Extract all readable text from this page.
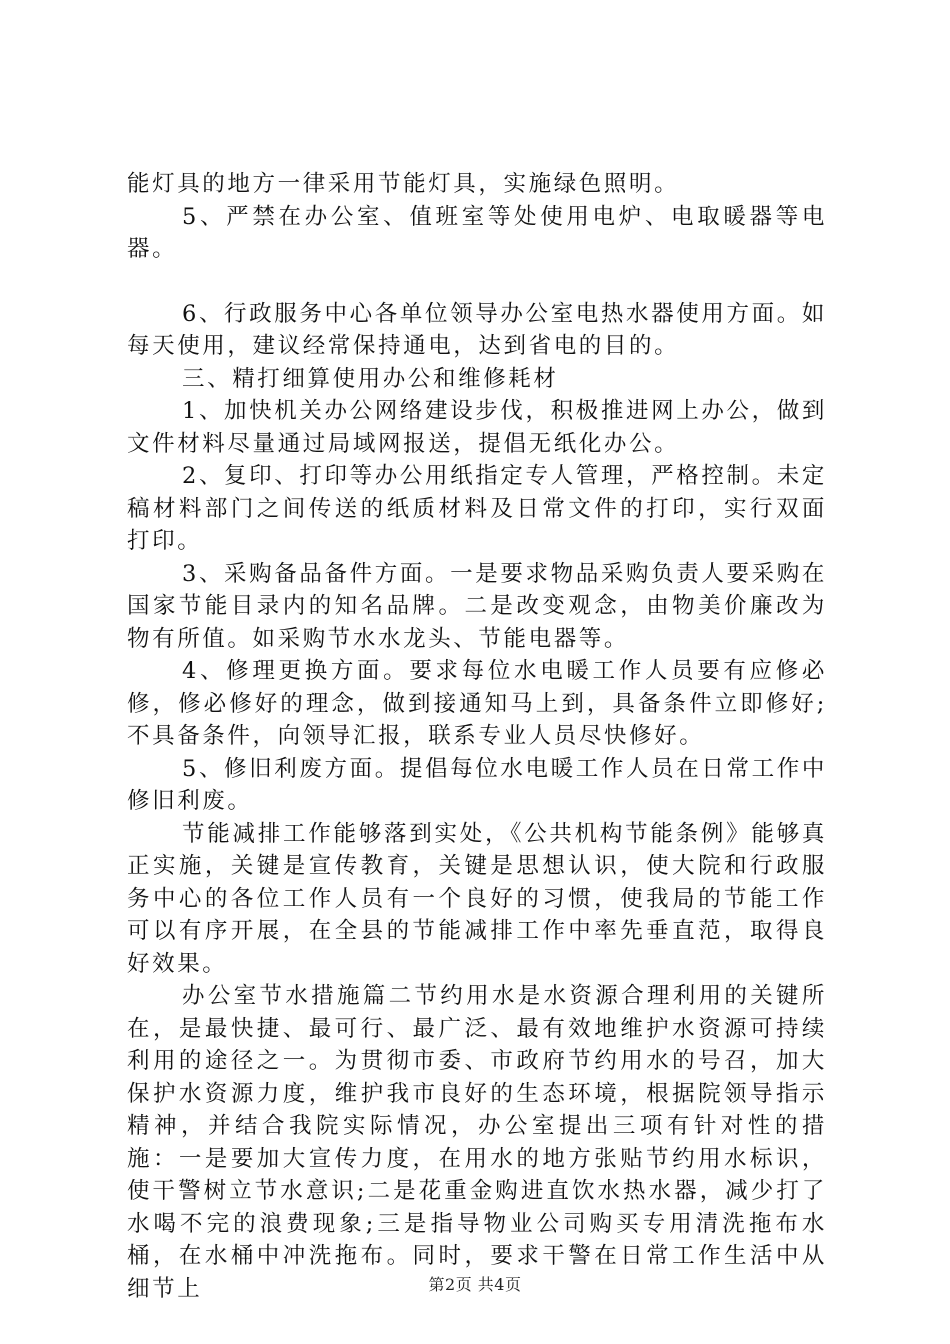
能灯具的地方一律采用节能灯具，实施绿色照明。

5、严禁在办公室、值班室等处使用电炉、电取暖器等电器。

6、行政服务中心各单位领导办公室电热水器使用方面。如每天使用，建议经常保持通电，达到省电的目的。

三、精打细算使用办公和维修耗材

1、加快机关办公网络建设步伐，积极推进网上办公，做到文件材料尽量通过局域网报送，提倡无纸化办公。

2、复印、打印等办公用纸指定专人管理，严格控制。未定稿材料部门之间传送的纸质材料及日常文件的打印，实行双面打印。

3、采购备品备件方面。一是要求物品采购负责人要采购在国家节能目录内的知名品牌。二是改变观念，由物美价廉改为物有所值。如采购节水水龙头、节能电器等。

4、修理更换方面。要求每位水电暖工作人员要有应修必修，修必修好的理念，做到接通知马上到，具备条件立即修好;不具备条件，向领导汇报，联系专业人员尽快修好。

5、修旧利废方面。提倡每位水电暖工作人员在日常工作中修旧利废。

节能减排工作能够落到实处，《公共机构节能条例》能够真正实施，关键是宣传教育，关键是思想认识，使大院和行政服务中心的各位工作人员有一个良好的习惯，使我局的节能工作可以有序开展，在全县的节能减排工作中率先垂直范，取得良好效果。

办公室节水措施篇二节约用水是水资源合理利用的关键所在，是最快捷、最可行、最广泛、最有效地维护水资源可持续利用的途径之一。为贯彻市委、市政府节约用水的号召，加大保护水资源力度，维护我市良好的生态环境，根据院领导指示精神，并结合我院实际情况，办公室提出三项有针对性的措施：一是要加大宣传力度，在用水的地方张贴节约用水标识，使干警树立节水意识;二是花重金购进直饮水热水器，减少打了水喝不完的浪费现象;三是指导物业公司购买专用清洗拖布水桶，在水桶中冲洗拖布。同时，要求干警在日常工作生活中从细节上	第2页 共4页
